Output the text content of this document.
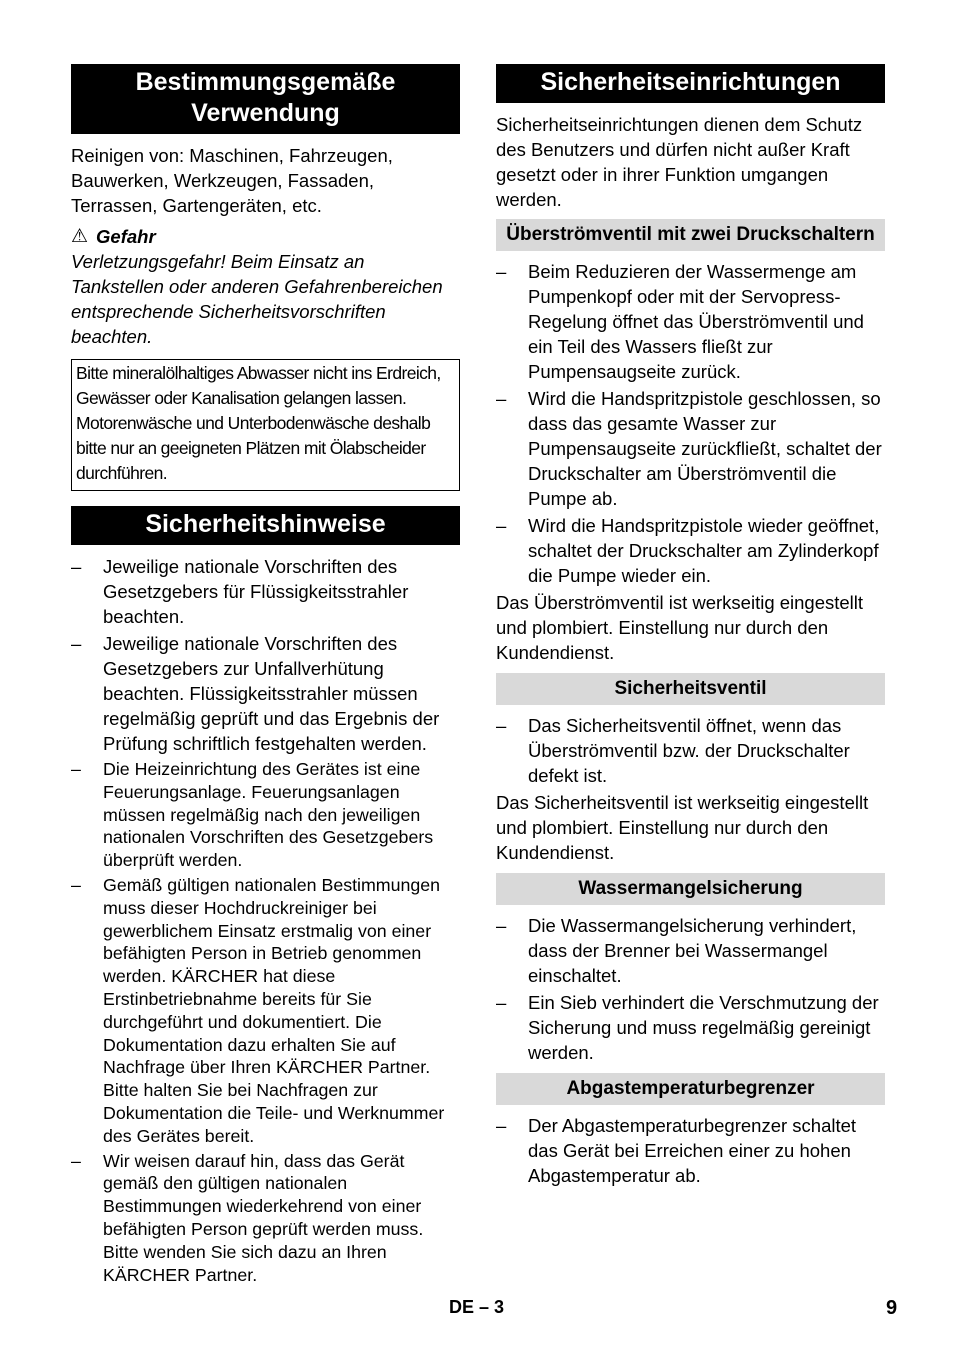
Bestimmungsgemäße Verwendung

Reinigen von: Maschinen, Fahrzeugen, Bauwerken, Werkzeugen, Fassaden, Terrassen, Gartengeräten, etc.

⚠ Gefahr

Verletzungsgefahr! Beim Einsatz an Tankstellen oder anderen Gefahrenbereichen entsprechende Sicherheitsvorschriften beachten.

Bitte mineralölhaltiges Abwasser nicht ins Erdreich, Gewässer oder Kanalisation gelangen lassen. Motorenwäsche und Unterbodenwäsche deshalb bitte nur an geeigneten Plätzen mit Ölabscheider durchführen.
Sicherheitshinweise
– Jeweilige nationale Vorschriften des Gesetzgebers für Flüssigkeitsstrahler beachten.
– Jeweilige nationale Vorschriften des Gesetzgebers zur Unfallverhütung beachten. Flüssigkeitsstrahler müssen regelmäßig geprüft und das Ergebnis der Prüfung schriftlich festgehalten werden.
– Die Heizeinrichtung des Gerätes ist eine Feuerungsanlage. Feuerungsanlagen müssen regelmäßig nach den jeweiligen nationalen Vorschriften des Gesetzgebers überprüft werden.
– Gemäß gültigen nationalen Bestimmungen muss dieser Hochdruckreiniger bei gewerblichem Einsatz erstmalig von einer befähigten Person in Betrieb genommen werden. KÄRCHER hat diese Erstinbetriebnahme bereits für Sie durchgeführt und dokumentiert. Die Dokumentation dazu erhalten Sie auf Nachfrage über Ihren KÄRCHER Partner. Bitte halten Sie bei Nachfragen zur Dokumentation die Teile- und Werknummer des Gerätes bereit.
– Wir weisen darauf hin, dass das Gerät gemäß den gültigen nationalen Bestimmungen wiederkehrend von einer befähigten Person geprüft werden muss. Bitte wenden Sie sich dazu an Ihren KÄRCHER Partner.
Sicherheitseinrichtungen

Sicherheitseinrichtungen dienen dem Schutz des Benutzers und dürfen nicht außer Kraft gesetzt oder in ihrer Funktion umgangen werden.

Überströmventil mit zwei Druckschaltern
– Beim Reduzieren der Wassermenge am Pumpenkopf oder mit der Servopress-Regelung öffnet das Überströmventil und ein Teil des Wassers fließt zur Pumpensaugseite zurück.
– Wird die Handspritzpistole geschlossen, so dass das gesamte Wasser zur Pumpensaugseite zurückfließt, schaltet der Druckschalter am Überströmventil die Pumpe ab.
– Wird die Handspritzpistole wieder geöffnet, schaltet der Druckschalter am Zylinderkopf die Pumpe wieder ein.

Das Überströmventil ist werkseitig eingestellt und plombiert. Einstellung nur durch den Kundendienst.

Sicherheitsventil
– Das Sicherheitsventil öffnet, wenn das Überströmventil bzw. der Druckschalter defekt ist.

Das Sicherheitsventil ist werkseitig eingestellt und plombiert. Einstellung nur durch den Kundendienst.

Wassermangelsicherung
– Die Wassermangelsicherung verhindert, dass der Brenner bei Wassermangel einschaltet.
– Ein Sieb verhindert die Verschmutzung der Sicherung und muss regelmäßig gereinigt werden.
Abgastemperaturbegrenzer
– Der Abgastemperaturbegrenzer schaltet das Gerät bei Erreichen einer zu hohen Abgastemperatur ab.
DE – 3	9
